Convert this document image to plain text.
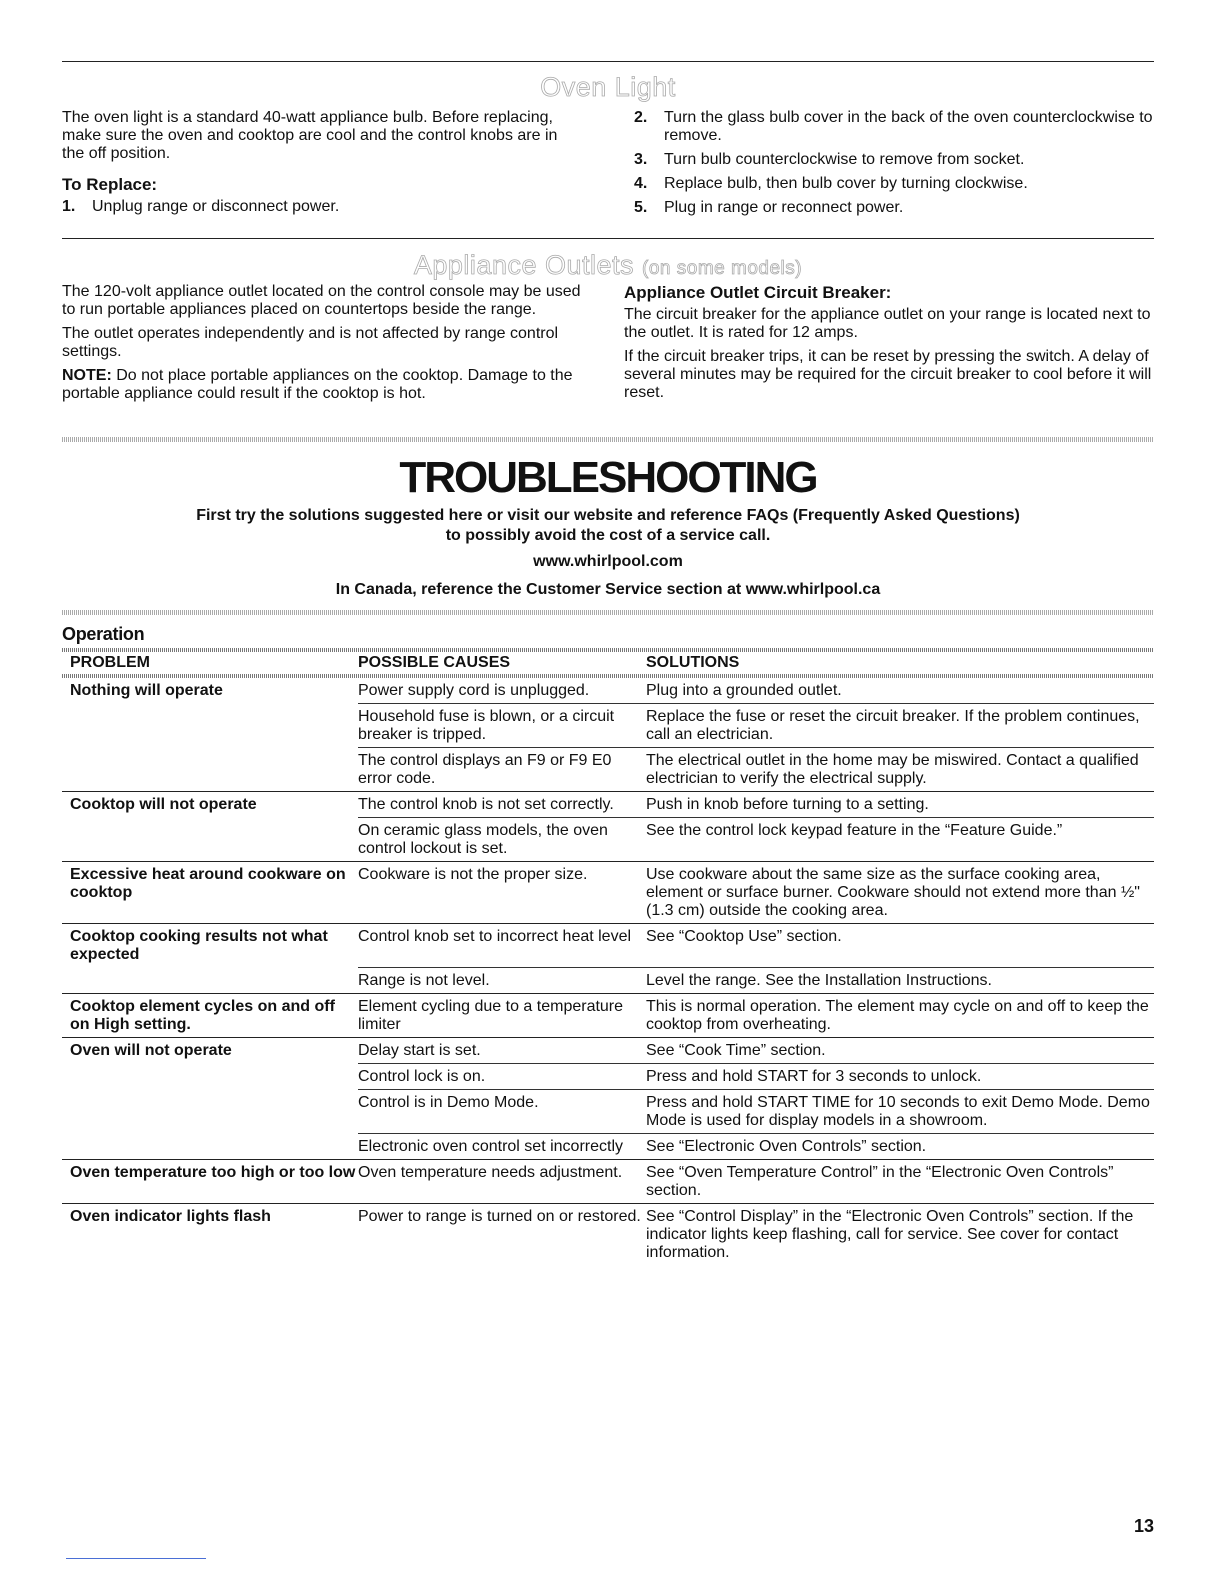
Oven Light

The oven light is a standard 40-watt appliance bulb. Before replacing, make sure the oven and cooktop are cool and the control knobs are in the off position.

To Replace:
1.	Unplug range or disconnect power.
2.	Turn the glass bulb cover in the back of the oven counterclockwise to remove.
3.	Turn bulb counterclockwise to remove from socket.
4.	Replace bulb, then bulb cover by turning clockwise.
5.	Plug in range or reconnect power.
Appliance Outlets (on some models)

The 120-volt appliance outlet located on the control console may be used to run portable appliances placed on countertops beside the range.

The outlet operates independently and is not affected by range control settings.

NOTE: Do not place portable appliances on the cooktop. Damage to the portable appliance could result if the cooktop is hot.

Appliance Outlet Circuit Breaker:

The circuit breaker for the appliance outlet on your range is located next to the outlet. It is rated for 12 amps.

If the circuit breaker trips, it can be reset by pressing the switch. A delay of several minutes may be required for the circuit breaker to cool before it will reset.

TROUBLESHOOTING

First try the solutions suggested here or visit our website and reference FAQs (Frequently Asked Questions)

to possibly avoid the cost of a service call.

www.whirlpool.com

In Canada, reference the Customer Service section at www.whirlpool.ca

Operation
PROBLEM	POSSIBLE CAUSES	SOLUTIONS

Nothing will operate	Power supply cord is unplugged.	Plug into a grounded outlet.
	Household fuse is blown, or a circuit breaker is tripped.	Replace the fuse or reset the circuit breaker. If the problem continues, call an electrician.
	The control displays an F9 or F9 E0 error code.	The electrical outlet in the home may be miswired. Contact a qualified electrician to verify the electrical supply.
Cooktop will not operate	The control knob is not set correctly.	Push in knob before turning to a setting.
	On ceramic glass models, the oven control lockout is set.	See the control lock keypad feature in the “Feature Guide.”
Excessive heat around cookware on cooktop	Cookware is not the proper size.	Use cookware about the same size as the surface cooking area, element or surface burner. Cookware should not extend more than ½" (1.3 cm) outside the cooking area.
Cooktop cooking results not what expected	Control knob set to incorrect heat level	See “Cooktop Use” section.
	Range is not level.	Level the range. See the Installation Instructions.
Cooktop element cycles on and off on High setting.	Element cycling due to a temperature limiter	This is normal operation. The element may cycle on and off to keep the cooktop from overheating.
Oven will not operate	Delay start is set.	See “Cook Time” section.
	Control lock is on.	Press and hold START for 3 seconds to unlock.
	Control is in Demo Mode.	Press and hold START TIME for 10 seconds to exit Demo Mode. Demo Mode is used for display models in a showroom.
	Electronic oven control set incorrectly	See “Electronic Oven Controls” section.
Oven temperature too high or too low	Oven temperature needs adjustment.	See “Oven Temperature Control” in the “Electronic Oven Controls” section.
Oven indicator lights flash	Power to range is turned on or restored.	See “Control Display” in the “Electronic Oven Controls” section. If the indicator lights keep flashing, call for service. See cover for contact information.
13
